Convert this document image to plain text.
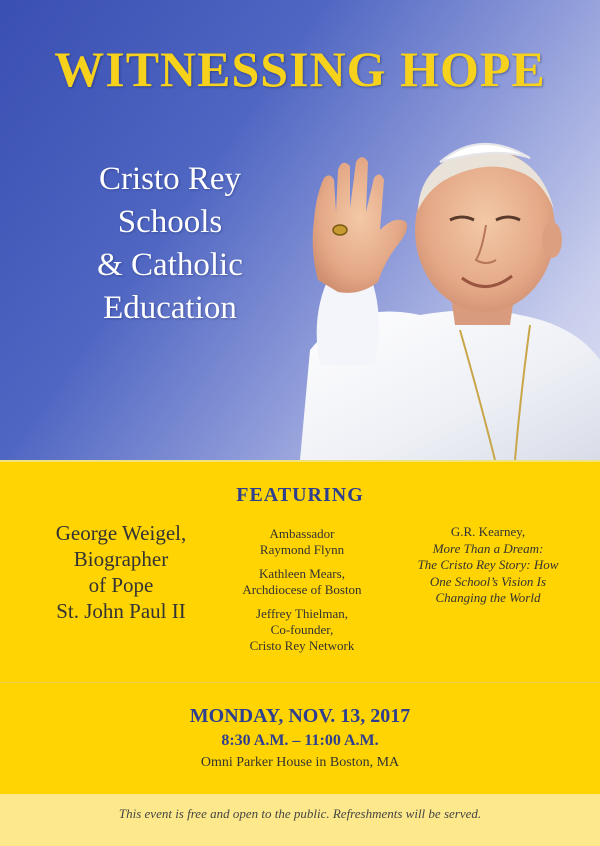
WITNESSING HOPE
Cristo Rey
Schools
& Catholic
Education
FEATURING
George Weigel,
Biographer
of Pope
St. John Paul II
Ambassador
Raymond Flynn
Kathleen Mears,
Archdiocese of Boston
Jeffrey Thielman,
Co-founder,
Cristo Rey Network
G.R. Kearney,
More Than a Dream:
The Cristo Rey Story: How
One School’s Vision Is
Changing the World
MONDAY, NOV. 13, 2017
8:30 A.M. – 11:00 A.M.
Omni Parker House in Boston, MA
This event is free and open to the public. Refreshments will be served.
